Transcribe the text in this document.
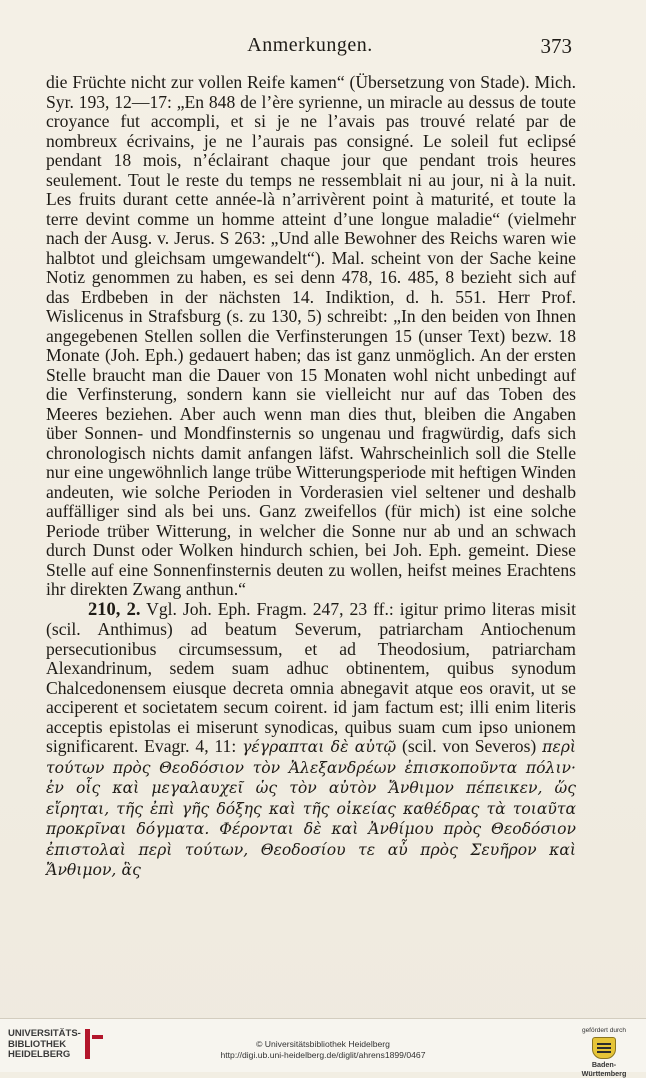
Anmerkungen.	373

die Früchte nicht zur vollen Reife kamen“ (Übersetzung von Stade). Mich. Syr. 193, 12—17: „En 848 de l’ère syrienne, un miracle au dessus de toute croyance fut accompli, et si je ne l’avais pas trouvé relaté par de nombreux écrivains, je ne l’aurais pas consigné. Le soleil fut eclipsé pendant 18 mois, n’éclairant chaque jour que pendant trois heures seulement. Tout le reste du temps ne ressemblait ni au jour, ni à la nuit. Les fruits durant cette année-là n’arrivèrent point à maturité, et toute la terre devint comme un homme atteint d’une longue maladie“ (vielmehr nach der Ausg. v. Jerus. S 263: „Und alle Bewohner des Reichs waren wie halbtot und gleichsam umgewandelt“). Mal. scheint von der Sache keine Notiz genommen zu haben, es sei denn 478, 16. 485, 8 bezieht sich auf das Erdbeben in der nächsten 14. Indiktion, d. h. 551. Herr Prof. Wislicenus in Strafsburg (s. zu 130, 5) schreibt: „In den beiden von Ihnen angegebenen Stellen sollen die Verfinsterungen 15 (unser Text) bezw. 18 Monate (Joh. Eph.) gedauert haben; das ist ganz unmöglich. An der ersten Stelle braucht man die Dauer von 15 Monaten wohl nicht unbedingt auf die Verfinsterung, sondern kann sie vielleicht nur auf das Toben des Meeres beziehen. Aber auch wenn man dies thut, bleiben die Angaben über Sonnen- und Mondfinsternis so ungenau und fragwürdig, dafs sich chronologisch nichts damit anfangen läfst. Wahrscheinlich soll die Stelle nur eine ungewöhnlich lange trübe Witterungsperiode mit heftigen Winden andeuten, wie solche Perioden in Vorderasien viel seltener und deshalb auffälliger sind als bei uns. Ganz zweifellos (für mich) ist eine solche Periode trüber Witterung, in welcher die Sonne nur ab und an schwach durch Dunst oder Wolken hindurch schien, bei Joh. Eph. gemeint. Diese Stelle auf eine Sonnenfinsternis deuten zu wollen, heifst meines Erachtens ihr direkten Zwang anthun.“

210, 2. Vgl. Joh. Eph. Fragm. 247, 23 ff.: igitur primo literas misit (scil. Anthimus) ad beatum Severum, patriarcham Antiochenum persecutionibus circumsessum, et ad Theodosium, patriarcham Alexandrinum, sedem suam adhuc obtinentem, quibus synodum Chalcedonensem eiusque decreta omnia abnegavit atque eos oravit, ut se acciperent et societatem secum coirent. id jam factum est; illi enim literis acceptis epistolas ei miserunt synodicas, quibus suam cum ipso unionem significarent. Evagr. 4, 11: γέγραπται δὲ αὐτῷ (scil. von Severos) περὶ τούτων πρὸς Θεοδόσιον τὸν Ἀλεξανδρέων ἐπισκοποῦντα πόλιν· ἐν οἷς καὶ μεγαλαυχεῖ ὡς τὸν αὐτὸν Ἄνθιμον πέπεικεν, ὥς εἴρηται, τῆς ἐπὶ γῆς δόξης καὶ τῆς οἰκείας καθέδρας τὰ τοιαῦτα προκρῖναι δόγματα. Φέρονται δὲ καὶ Ἀνθίμου πρὸς Θεοδόσιον ἐπιστολαὶ περὶ τούτων, Θεοδοσίου τε αὖ πρὸς Σευῆρον καὶ Ἄνθιμον, ἃς

UNIVERSITÄTS-
BIBLIOTHEK
HEIDELBERG
© Universitätsbibliothek Heidelberg
http://digi.ub.uni-heidelberg.de/diglit/ahrens1899/0467
gefördert durch
Baden-Württemberg
